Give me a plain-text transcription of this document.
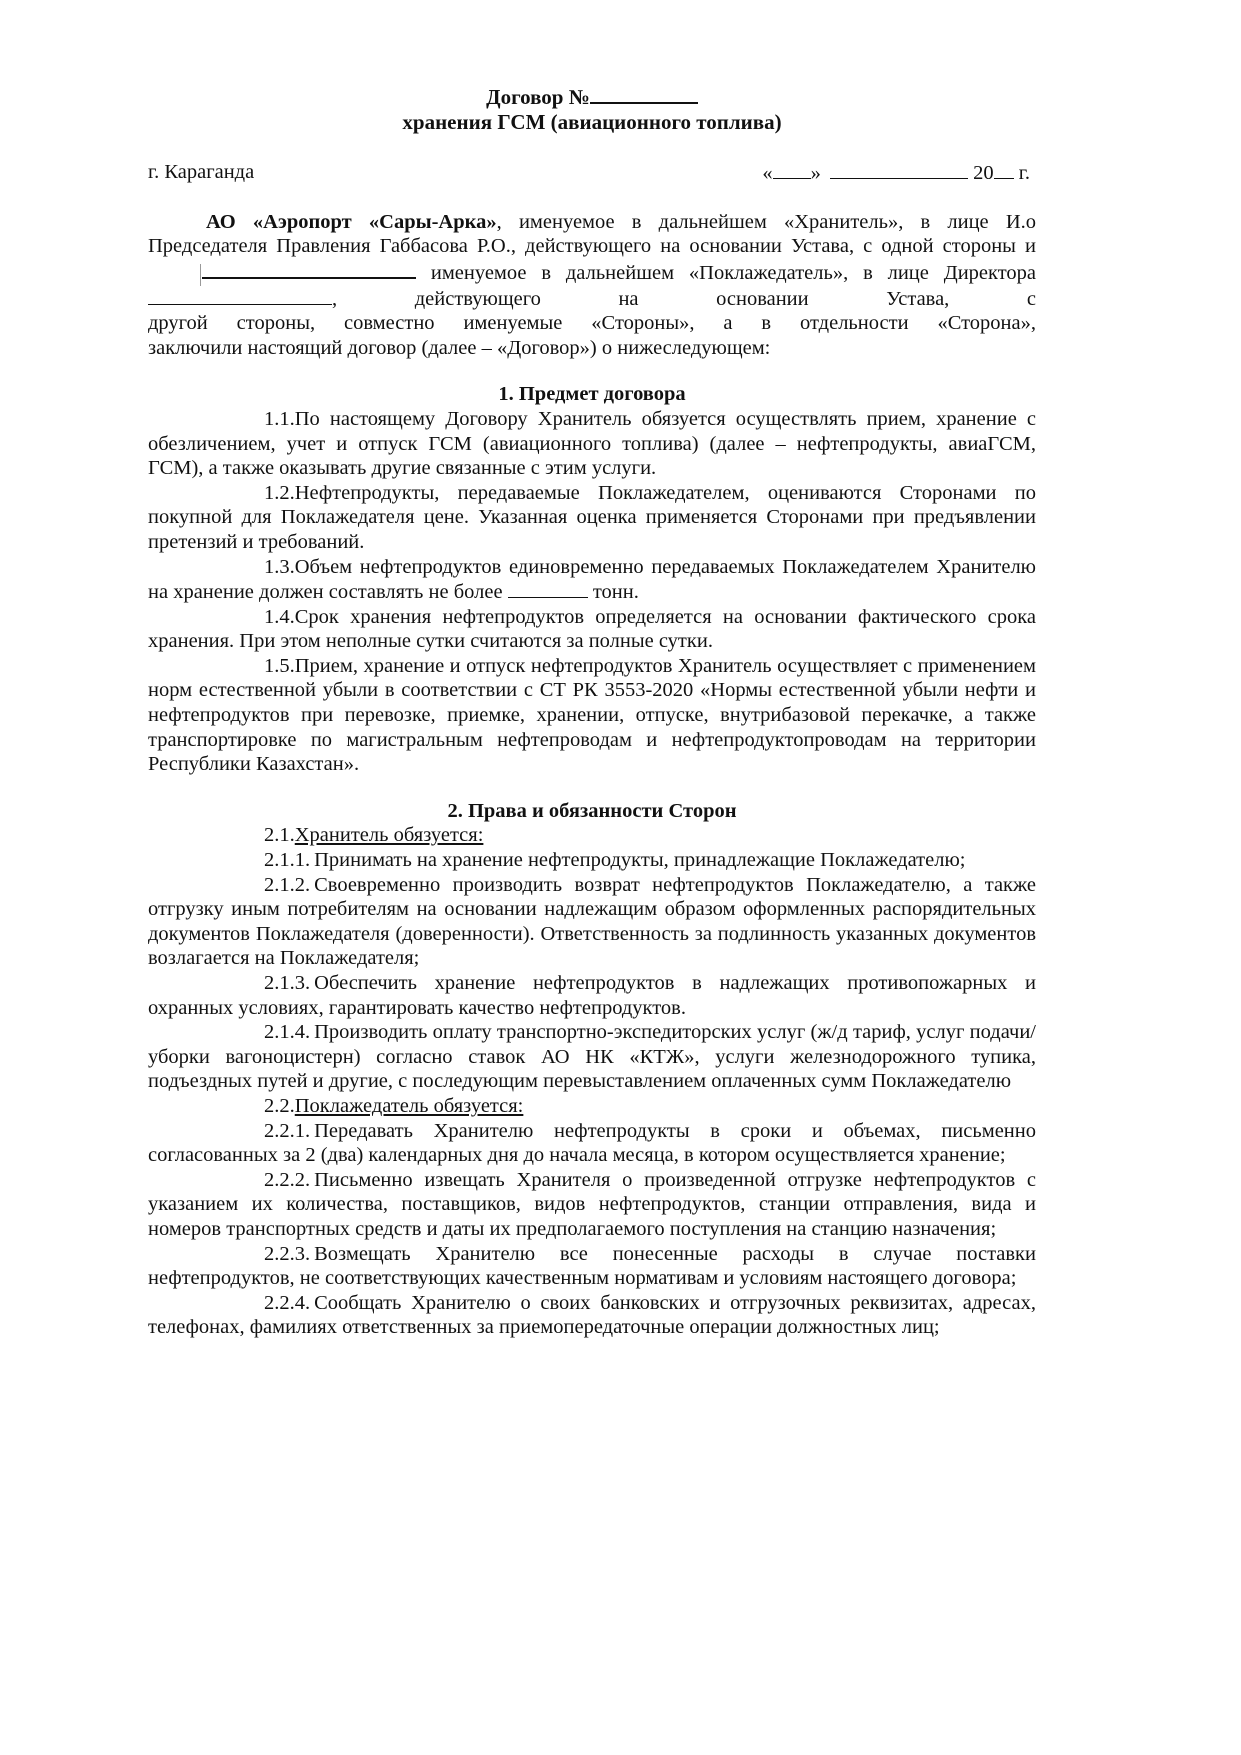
Договор №
хранения ГСМ (авиационного топлива)
г. Караганда	« »	20 г.

АО «Аэропорт «Сары-Арка», именуемое в дальнейшем «Хранитель», в лице И.о

Председателя Правления Габбасова Р.О., действующего на основании Устава, с одной стороны и

именуемое в дальнейшем «Поклажедатель», в лице Директора

, действующего на основании Устава, с

другой стороны, совместно именуемые «Стороны», а в отдельности «Сторона»,

заключили настоящий договор (далее – «Договор») о нижеследующем:

1. Предмет договора

1.1.По настоящему Договору Хранитель обязуется осуществлять прием, хранение с обезличением, учет и отпуск ГСМ (авиационного топлива) (далее – нефтепродукты, авиаГСМ, ГСМ), а также оказывать другие связанные с этим услуги.

1.2.Нефтепродукты, передаваемые Поклажедателем, оцениваются Сторонами по покупной для Поклажедателя цене. Указанная оценка применяется Сторонами при предъявлении претензий и требований.

1.3.Объем нефтепродуктов единовременно передаваемых Поклажедателем Хранителю на хранение должен составлять не более	тонн.

1.4.Срок хранения нефтепродуктов определяется на основании фактического срока хранения. При этом неполные сутки считаются за полные сутки.

1.5.Прием, хранение и отпуск нефтепродуктов Хранитель осуществляет с применением норм естественной убыли в соответствии с СТ РК 3553-2020 «Нормы естественной убыли нефти и нефтепродуктов при перевозке, приемке, хранении, отпуске, внутрибазовой перекачке, а также транспортировке по магистральным нефтепроводам и нефтепродуктопроводам на территории Республики Казахстан».

2. Права и обязанности Сторон

2.1.Хранитель обязуется:

2.1.1. Принимать на хранение нефтепродукты, принадлежащие Поклажедателю;

2.1.2. Своевременно производить возврат нефтепродуктов Поклажедателю, а также отгрузку иным потребителям на основании надлежащим образом оформленных распорядительных документов Поклажедателя (доверенности). Ответственность за подлинность указанных документов возлагается на Поклажедателя;

2.1.3. Обеспечить хранение нефтепродуктов в надлежащих противопожарных и охранных условиях, гарантировать качество нефтепродуктов.

2.1.4. Производить оплату транспортно-экспедиторских услуг (ж/д тариф, услуг подачи/уборки вагоноцистерн) согласно ставок АО НК «КТЖ», услуги железнодорожного тупика, подъездных путей и другие, с последующим перевыставлением оплаченных сумм Поклажедателю

2.2.Поклажедатель обязуется:

2.2.1. Передавать Хранителю нефтепродукты в сроки и объемах, письменно согласованных за 2 (два) календарных дня до начала месяца, в котором осуществляется хранение;

2.2.2. Письменно извещать Хранителя о произведенной отгрузке нефтепродуктов с указанием их количества, поставщиков, видов нефтепродуктов, станции отправления, вида и номеров транспортных средств и даты их предполагаемого поступления на станцию назначения;

2.2.3. Возмещать Хранителю все понесенные расходы в случае поставки нефтепродуктов, не соответствующих качественным нормативам и условиям настоящего договора;

2.2.4. Сообщать Хранителю о своих банковских и отгрузочных реквизитах, адресах, телефонах, фамилиях ответственных за приемопередаточные операции должностных лиц;
